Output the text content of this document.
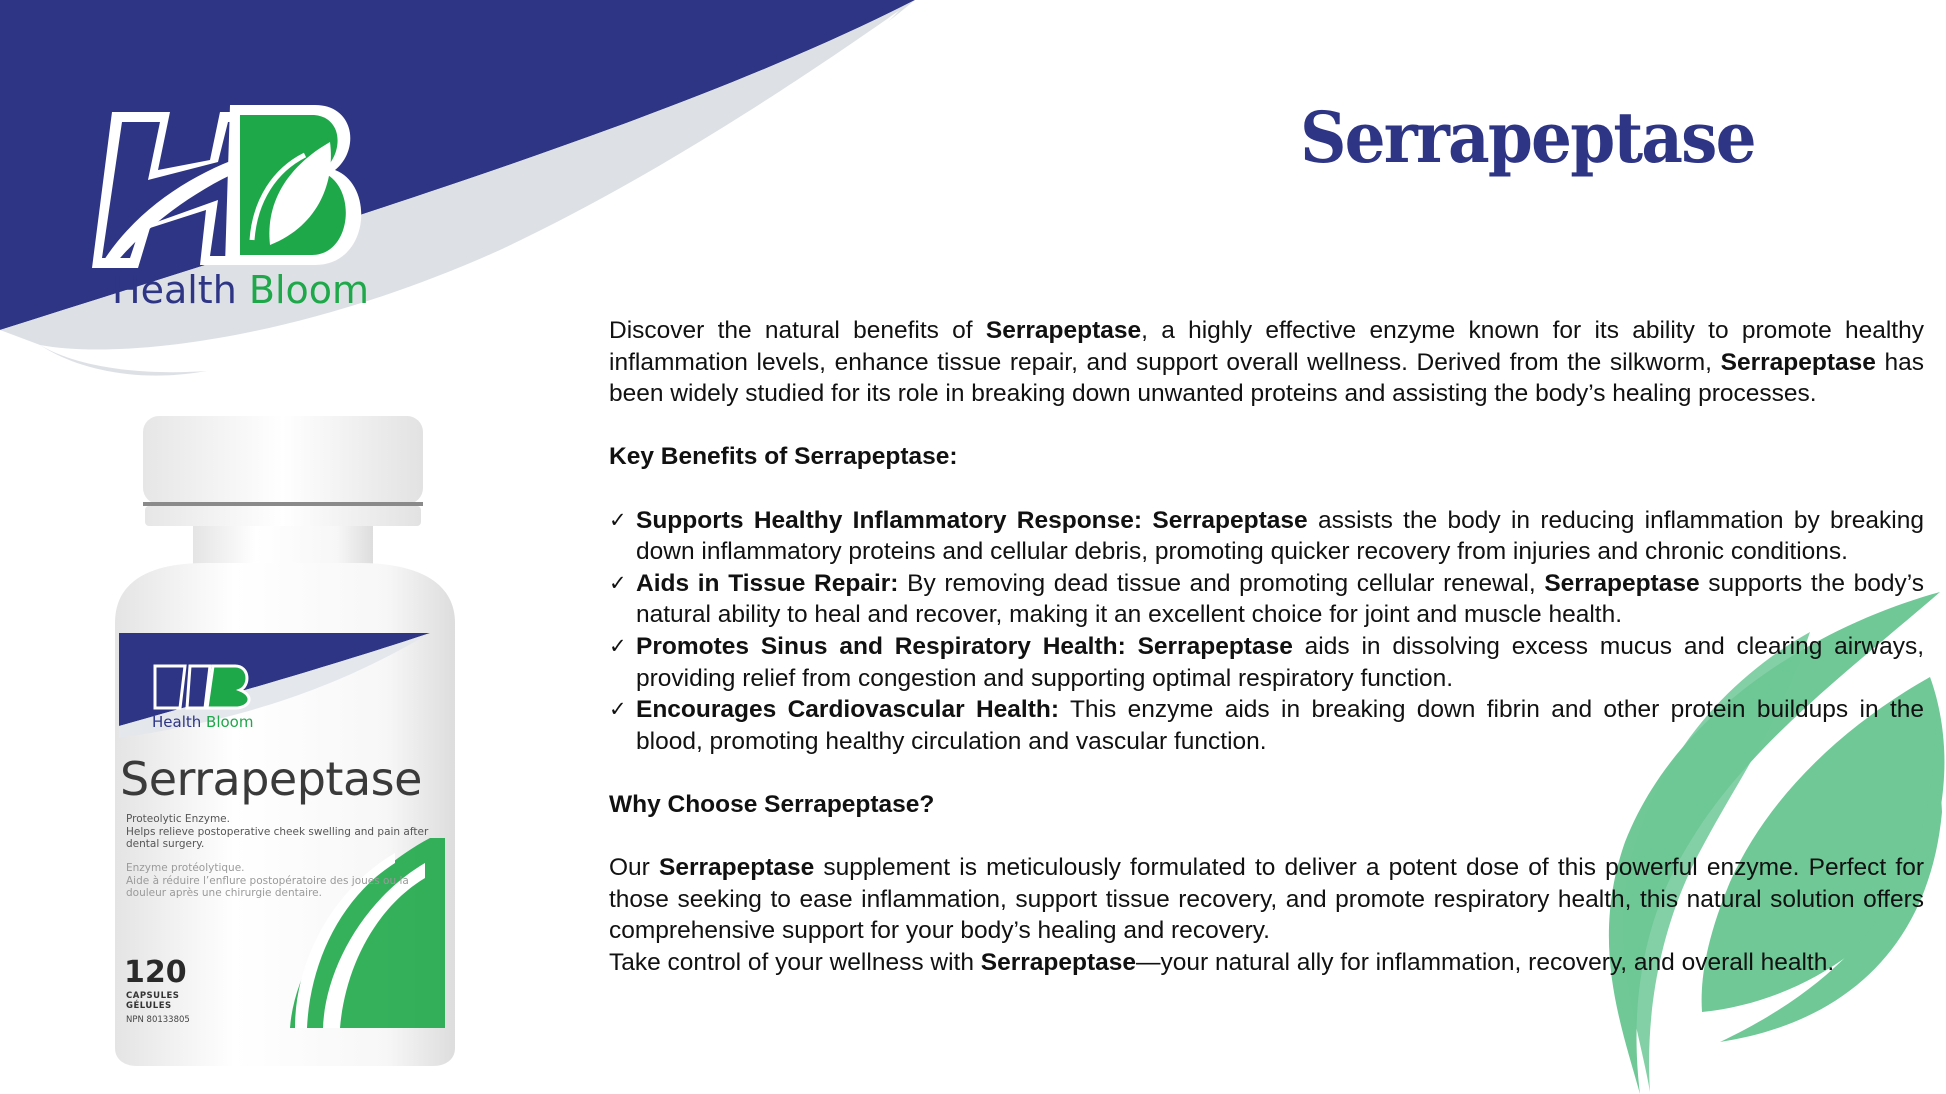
Health Bloom
Serrapeptase
Health Bloom
Serrapeptase
Proteolytic Enzyme.
Helps relieve postoperative cheek swelling and pain after dental surgery.
Enzyme protéolytique.
Aide à réduire l’enflure postopératoire des joues ou la douleur après une chirurgie dentaire.
120
CAPSULES
GÉLULES
NPN 80133805

Discover the natural benefits of Serrapeptase, a highly effective enzyme known for its ability to promote healthy inflammation levels, enhance tissue repair, and support overall wellness. Derived from the silkworm, Serrapeptase has been widely studied for its role in breaking down unwanted proteins and assisting the body’s healing processes.

Key Benefits of Serrapeptase:

✓ Supports Healthy Inflammatory Response: Serrapeptase assists the body in reducing inflammation by breaking down inflammatory proteins and cellular debris, promoting quicker recovery from injuries and chronic conditions.
✓ Aids in Tissue Repair: By removing dead tissue and promoting cellular renewal, Serrapeptase supports the body’s natural ability to heal and recover, making it an excellent choice for joint and muscle health.
✓ Promotes Sinus and Respiratory Health: Serrapeptase aids in dissolving excess mucus and clearing airways, providing relief from congestion and supporting optimal respiratory function.
✓ Encourages Cardiovascular Health: This enzyme aids in breaking down fibrin and other protein buildups in the blood, promoting healthy circulation and vascular function.

Why Choose Serrapeptase?

Our Serrapeptase supplement is meticulously formulated to deliver a potent dose of this powerful enzyme. Perfect for those seeking to ease inflammation, support tissue recovery, and promote respiratory health, this natural solution offers comprehensive support for your body’s healing and recovery.

Take control of your wellness with Serrapeptase—your natural ally for inflammation, recovery, and overall health.
